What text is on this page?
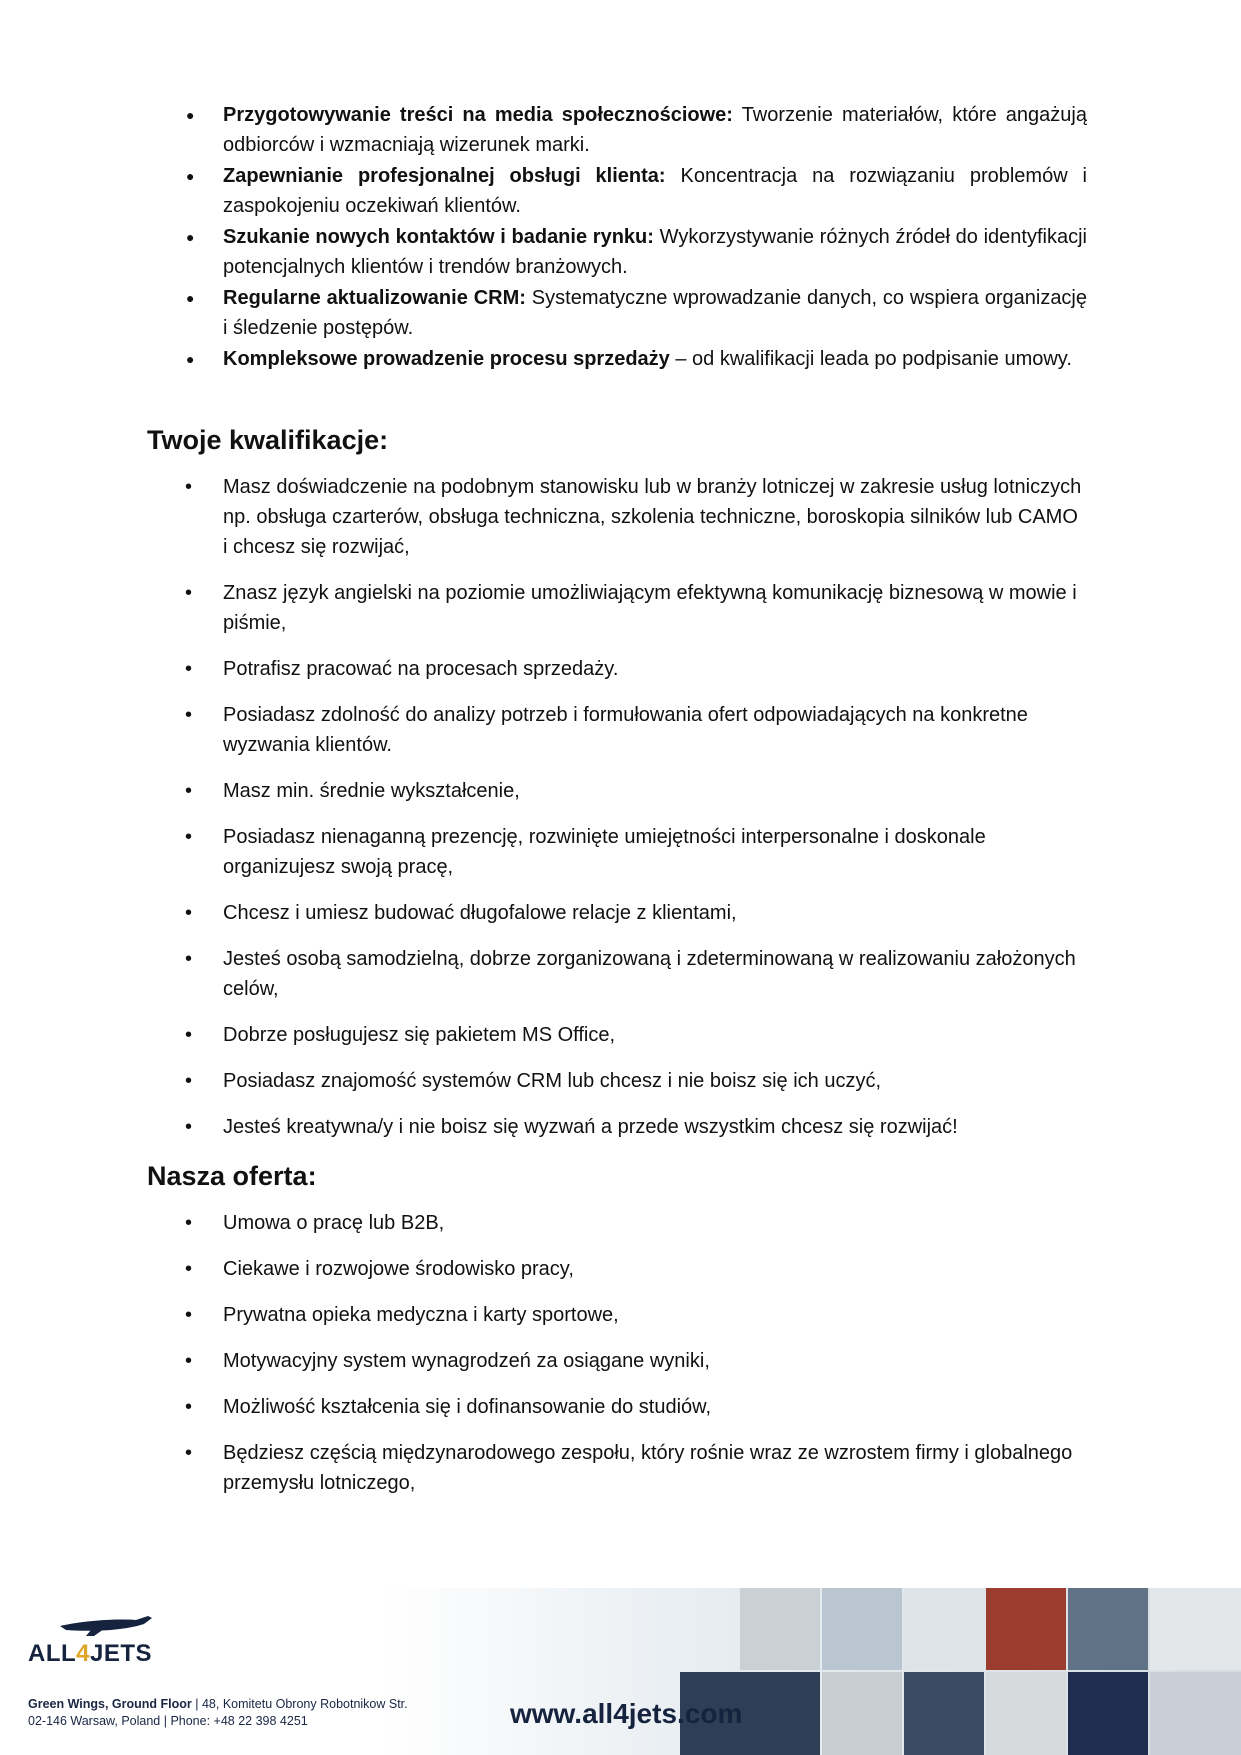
● Przygotowywanie treści na media społecznościowe: Tworzenie materiałów, które angażują odbiorców i wzmacniają wizerunek marki.
● Zapewnianie profesjonalnej obsługi klienta: Koncentracja na rozwiązaniu problemów i zaspokojeniu oczekiwań klientów.
● Szukanie nowych kontaktów i badanie rynku: Wykorzystywanie różnych źródeł do identyfikacji potencjalnych klientów i trendów branżowych.
● Regularne aktualizowanie CRM: Systematyczne wprowadzanie danych, co wspiera organizację i śledzenie postępów.
● Kompleksowe prowadzenie procesu sprzedaży – od kwalifikacji leada po podpisanie umowy.
Twoje kwalifikacje:
• Masz doświadczenie na podobnym stanowisku lub w branży lotniczej w zakresie usług lotniczych np. obsługa czarterów, obsługa techniczna, szkolenia techniczne, boroskopia silników lub CAMO i chcesz się rozwijać,
• Znasz język angielski na poziomie umożliwiającym efektywną komunikację biznesową w mowie i piśmie,
• Potrafisz pracować na procesach sprzedaży.
• Posiadasz zdolność do analizy potrzeb i formułowania ofert odpowiadających na konkretne wyzwania klientów.
• Masz min. średnie wykształcenie,
• Posiadasz nienaganną prezencję, rozwinięte umiejętności interpersonalne i doskonale organizujesz swoją pracę,
• Chcesz i umiesz budować długofalowe relacje z klientami,
• Jesteś osobą samodzielną, dobrze zorganizowaną i zdeterminowaną w realizowaniu założonych celów,
• Dobrze posługujesz się pakietem MS Office,
• Posiadasz znajomość systemów CRM lub chcesz i nie boisz się ich uczyć,
• Jesteś kreatywna/y i nie boisz się wyzwań a przede wszystkim chcesz się rozwijać!
Nasza oferta:
• Umowa o pracę lub B2B,
• Ciekawe i rozwojowe środowisko pracy,
• Prywatna opieka medyczna i karty sportowe,
• Motywacyjny system wynagrodzeń za osiągane wyniki,
• Możliwość kształcenia się i dofinansowanie do studiów,
• Będziesz częścią międzynarodowego zespołu, który rośnie wraz ze wzrostem firmy i globalnego przemysłu lotniczego,
ALL4JETS
Green Wings, Ground Floor | 48, Komitetu Obrony Robotnikow Str.
02-146 Warsaw, Poland | Phone: +48 22 398 4251	www.all4jets.com
